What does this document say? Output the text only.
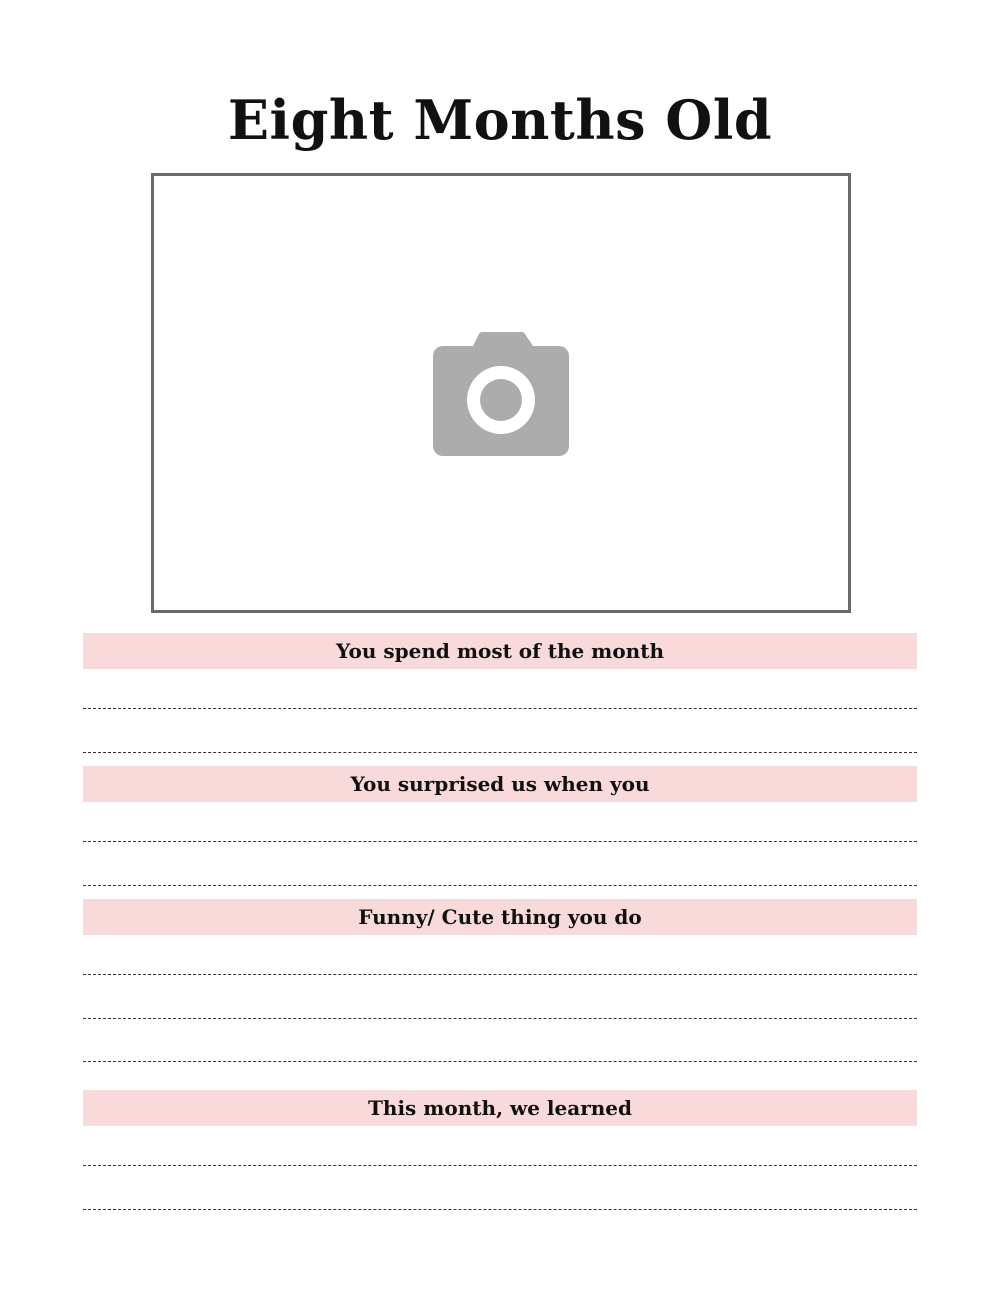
Eight Months Old
You spend most of the month
You surprised us when you
Funny/ Cute thing you do
This month, we learned
